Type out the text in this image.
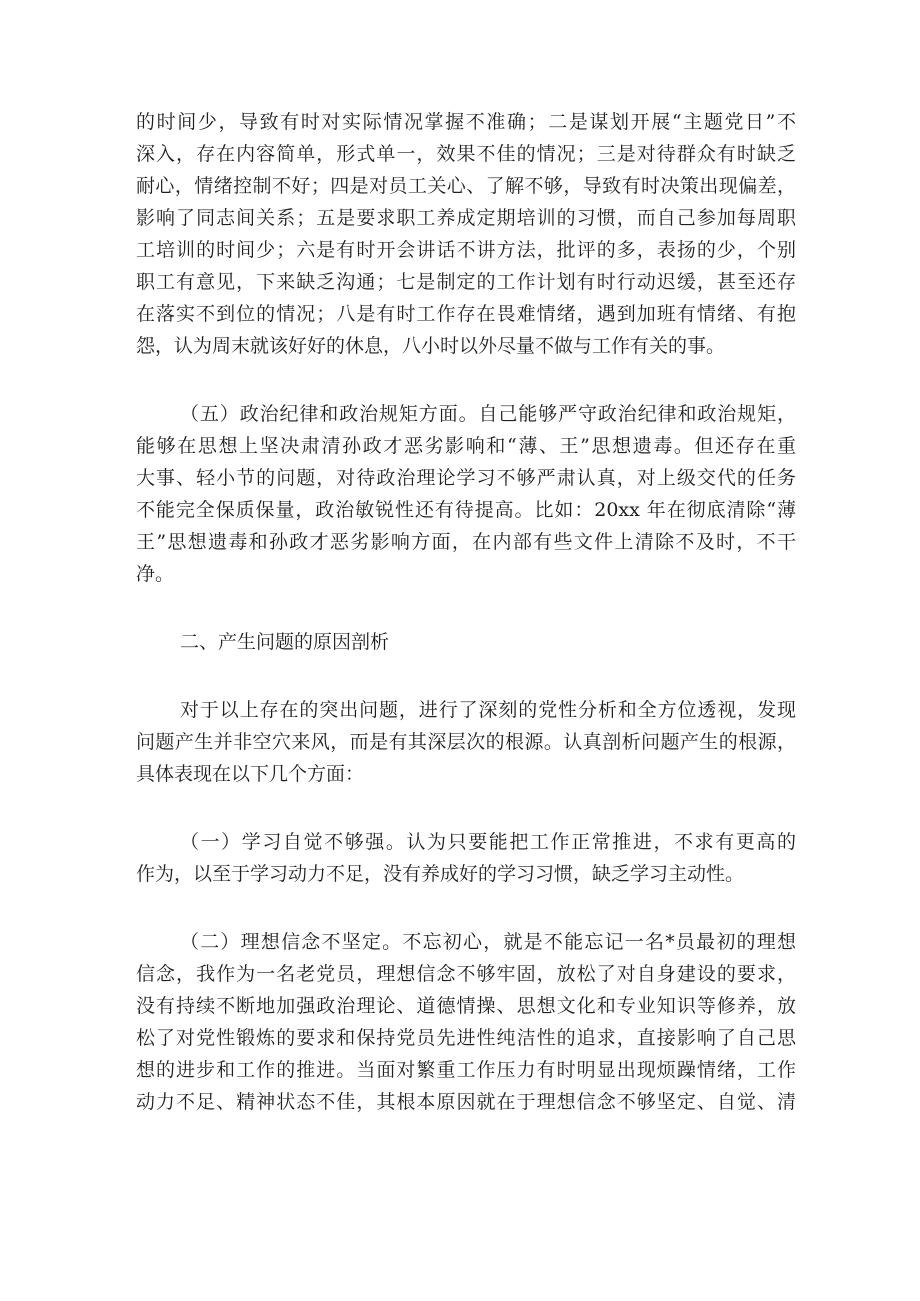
的时间少，导致有时对实际情况掌握不准确；二是谋划开展“主题党日”不
深入，存在内容简单，形式单一，效果不佳的情况；三是对待群众有时缺乏
耐心，情绪控制不好；四是对员工关心、了解不够，导致有时决策出现偏差，
影响了同志间关系；五是要求职工养成定期培训的习惯，而自己参加每周职
工培训的时间少；六是有时开会讲话不讲方法，批评的多，表扬的少，个别
职工有意见，下来缺乏沟通；七是制定的工作计划有时行动迟缓，甚至还存
在落实不到位的情况；八是有时工作存在畏难情绪，遇到加班有情绪、有抱
怨，认为周末就该好好的休息，八小时以外尽量不做与工作有关的事。
（五）政治纪律和政治规矩方面。自己能够严守政治纪律和政治规矩，
能够在思想上坚决肃清孙政才恶劣影响和“薄、王”思想遗毒。但还存在重
大事、轻小节的问题，对待政治理论学习不够严肃认真，对上级交代的任务
不能完全保质保量，政治敏锐性还有待提高。比如：20xx 年在彻底清除“薄
王”思想遗毒和孙政才恶劣影响方面，在内部有些文件上清除不及时，不干
净。
二、产生问题的原因剖析
对于以上存在的突出问题，进行了深刻的党性分析和全方位透视，发现
问题产生并非空穴来风，而是有其深层次的根源。认真剖析问题产生的根源，
具体表现在以下几个方面：
（一）学习自觉不够强。认为只要能把工作正常推进，不求有更高的
作为，以至于学习动力不足，没有养成好的学习习惯，缺乏学习主动性。
（二）理想信念不坚定。不忘初心，就是不能忘记一名*员最初的理想
信念，我作为一名老党员，理想信念不够牢固，放松了对自身建设的要求，
没有持续不断地加强政治理论、道德情操、思想文化和专业知识等修养，放
松了对党性锻炼的要求和保持党员先进性纯洁性的追求，直接影响了自己思
想的进步和工作的推进。当面对繁重工作压力有时明显出现烦躁情绪，工作
动力不足、精神状态不佳，其根本原因就在于理想信念不够坚定、自觉、清
